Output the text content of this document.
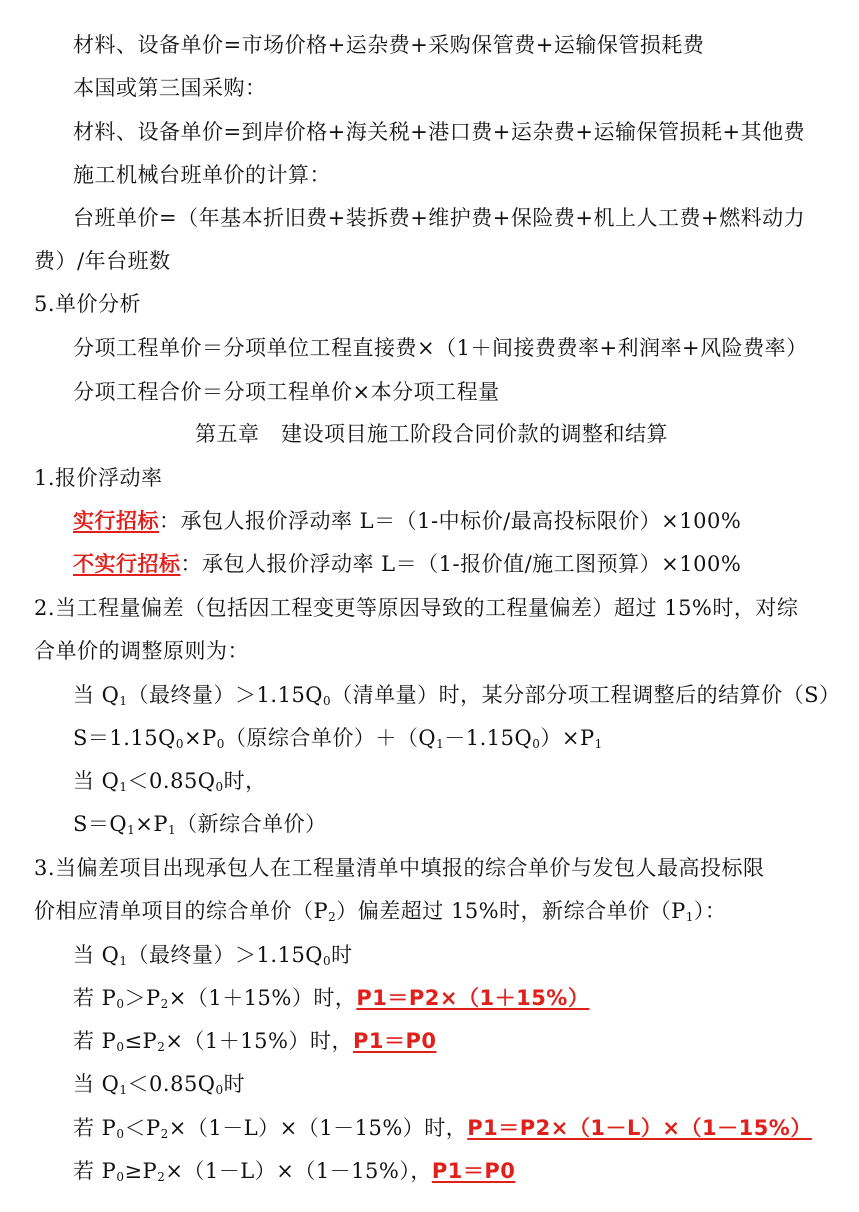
材料、设备单价=市场价格+运杂费+采购保管费+运输保管损耗费
本国或第三国采购：
材料、设备单价=到岸价格+海关税+港口费+运杂费+运输保管损耗+其他费
施工机械台班单价的计算：
台班单价=（年基本折旧费+装拆费+维护费+保险费+机上人工费+燃料动力
费）/年台班数
5.单价分析
分项工程单价＝分项单位工程直接费×（1＋间接费费率+利润率+风险费率）
分项工程合价＝分项工程单价×本分项工程量
第五章　建设项目施工阶段合同价款的调整和结算
1.报价浮动率
实行招标：承包人报价浮动率 L＝（1-中标价/最高投标限价）×100%
不实行招标：承包人报价浮动率 L＝（1-报价值/施工图预算）×100%
2.当工程量偏差（包括因工程变更等原因导致的工程量偏差）超过 15%时，对综
合单价的调整原则为：
当 $Q_1$（最终量）$>1.15Q_0$（清单量）时，某分部分项工程调整后的结算价（S）
$S=1.15Q_0\times P_0$（原综合单价）$+(Q_1-1.15Q_0)\times P_1$
当 $Q_1<0.85Q_0$时，
$S=Q_1\times P_1$（新综合单价）
3.当偏差项目出现承包人在工程量清单中填报的综合单价与发包人最高投标限
价相应清单项目的综合单价$(P_2)$偏差超过 15%时，新综合单价$(P_1)$：
当 $Q_1$（最终量）$>1.15Q_0$时
若 $P_0>P_2\times(1+15\%)$时，P1＝P2×（1＋15%）
若 $P_0\le P_2\times(1+15\%)$时，P1＝P0
当 $Q_1<0.85Q_0$时
若 $P_0<P_2\times(1-L)\times(1-15\%)$时，P1＝P2×（1－L）×（1－15%）
若 $P_0\ge P_2\times(1-L)\times(1-15\%)$，P1＝P0
